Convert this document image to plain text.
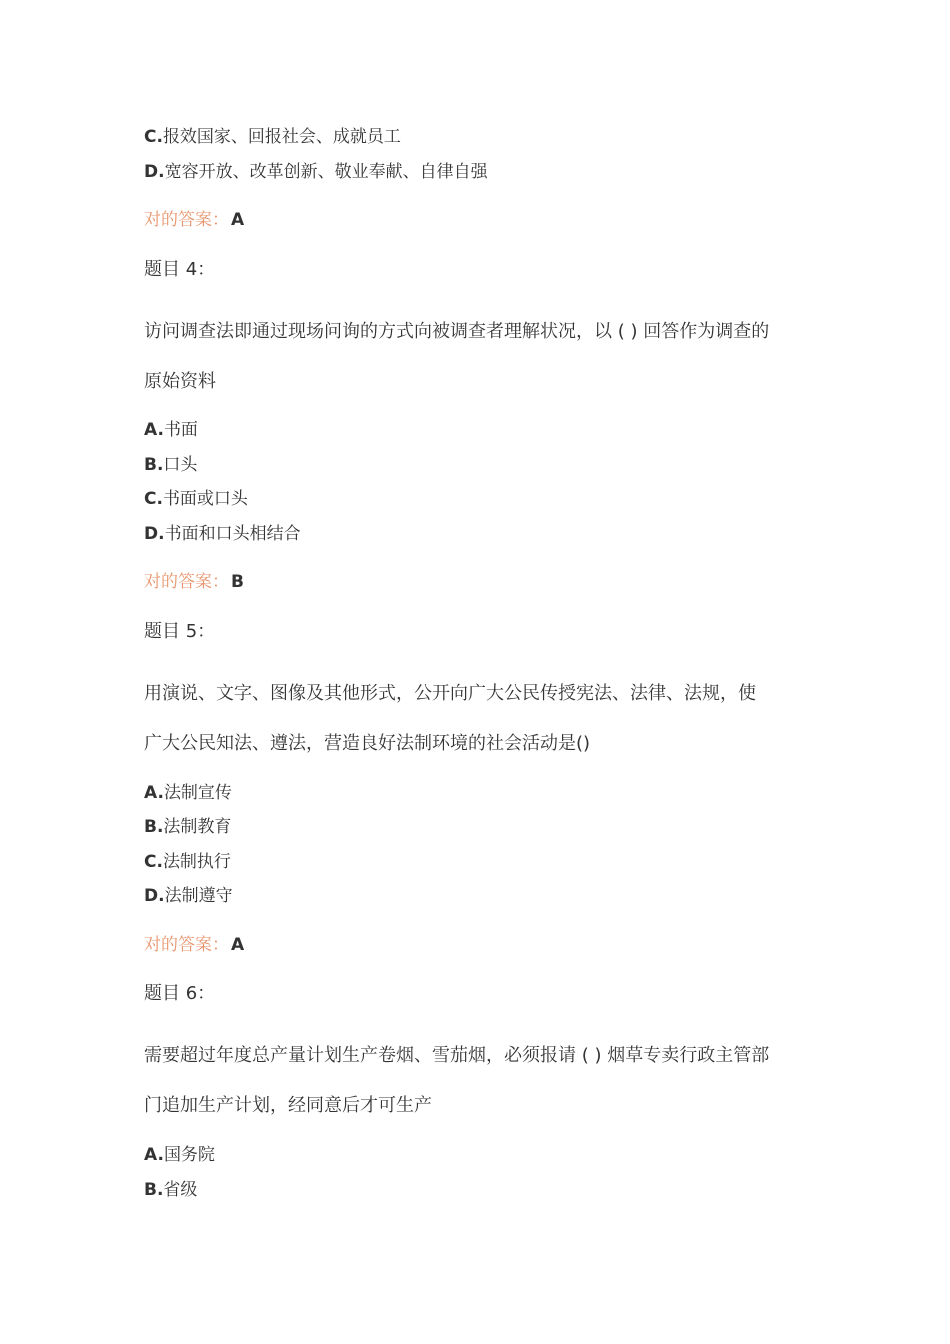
C.报效国家、回报社会、成就员工
D.宽容开放、改革创新、敬业奉献、自律自强
对的答案： A
题目 4：
访问调查法即通过现场问询的方式向被调查者理解状况，以 ( ) 回答作为调查的
原始资料
A.书面
B.口头
C.书面或口头
D.书面和口头相结合
对的答案： B
题目 5：
用演说、文字、图像及其他形式，公开向广大公民传授宪法、法律、法规，使
广大公民知法、遵法，营造良好法制环境的社会活动是()
A.法制宣传
B.法制教育
C.法制执行
D.法制遵守
对的答案： A
题目 6：
需要超过年度总产量计划生产卷烟、雪茄烟，必须报请 ( ) 烟草专卖行政主管部
门追加生产计划，经同意后才可生产
A.国务院
B.省级
